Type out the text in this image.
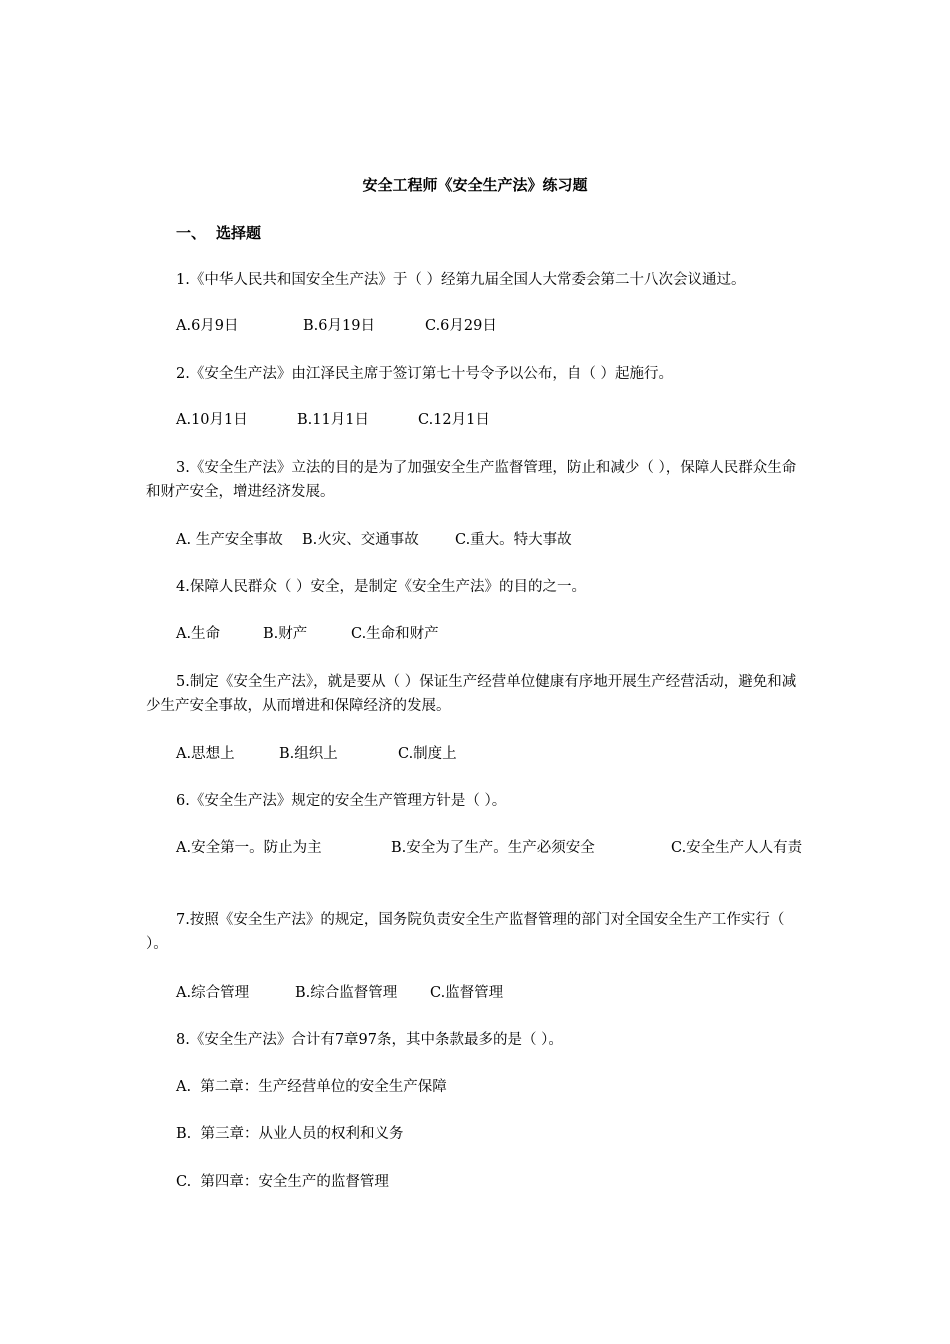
安全工程师《安全生产法》练习题
一、 选择题
1.《中华人民共和国安全生产法》于（ ）经第九届全国人大常委会第二十八次会议通过。
A.6月9日	B.6月19日	C.6月29日
2.《安全生产法》由江泽民主席于签订第七十号令予以公布，自（ ）起施行。
A.10月1日	B.11月1日	C.12月1日
3.《安全生产法》立法的目的是为了加强安全生产监督管理，防止和减少（ ），保障人民群众生命和财产安全，增进经济发展。
A. 生产安全事故 B.火灾、交通事故 C.重大。特大事故
4.保障人民群众（ ）安全，是制定《安全生产法》的目的之一。
A.生命	B.财产	C.生命和财产
5.制定《安全生产法》，就是要从（ ）保证生产经营单位健康有序地开展生产经营活动，避免和减少生产安全事故，从而增进和保障经济的发展。
A.思想上	B.组织上	C.制度上
6.《安全生产法》规定的安全生产管理方针是（ ）。
A.安全第一。防止为主	B.安全为了生产。生产必须安全	C.安全生产人人有责
7.按照《安全生产法》的规定，国务院负责安全生产监督管理的部门对全国安全生产工作实行（ ）。
A.综合管理	B.综合监督管理 C.监督管理
8.《安全生产法》合计有7章97条，其中条款最多的是（ ）。
A.  第二章：生产经营单位的安全生产保障
B.  第三章：从业人员的权利和义务
C.  第四章：安全生产的监督管理
